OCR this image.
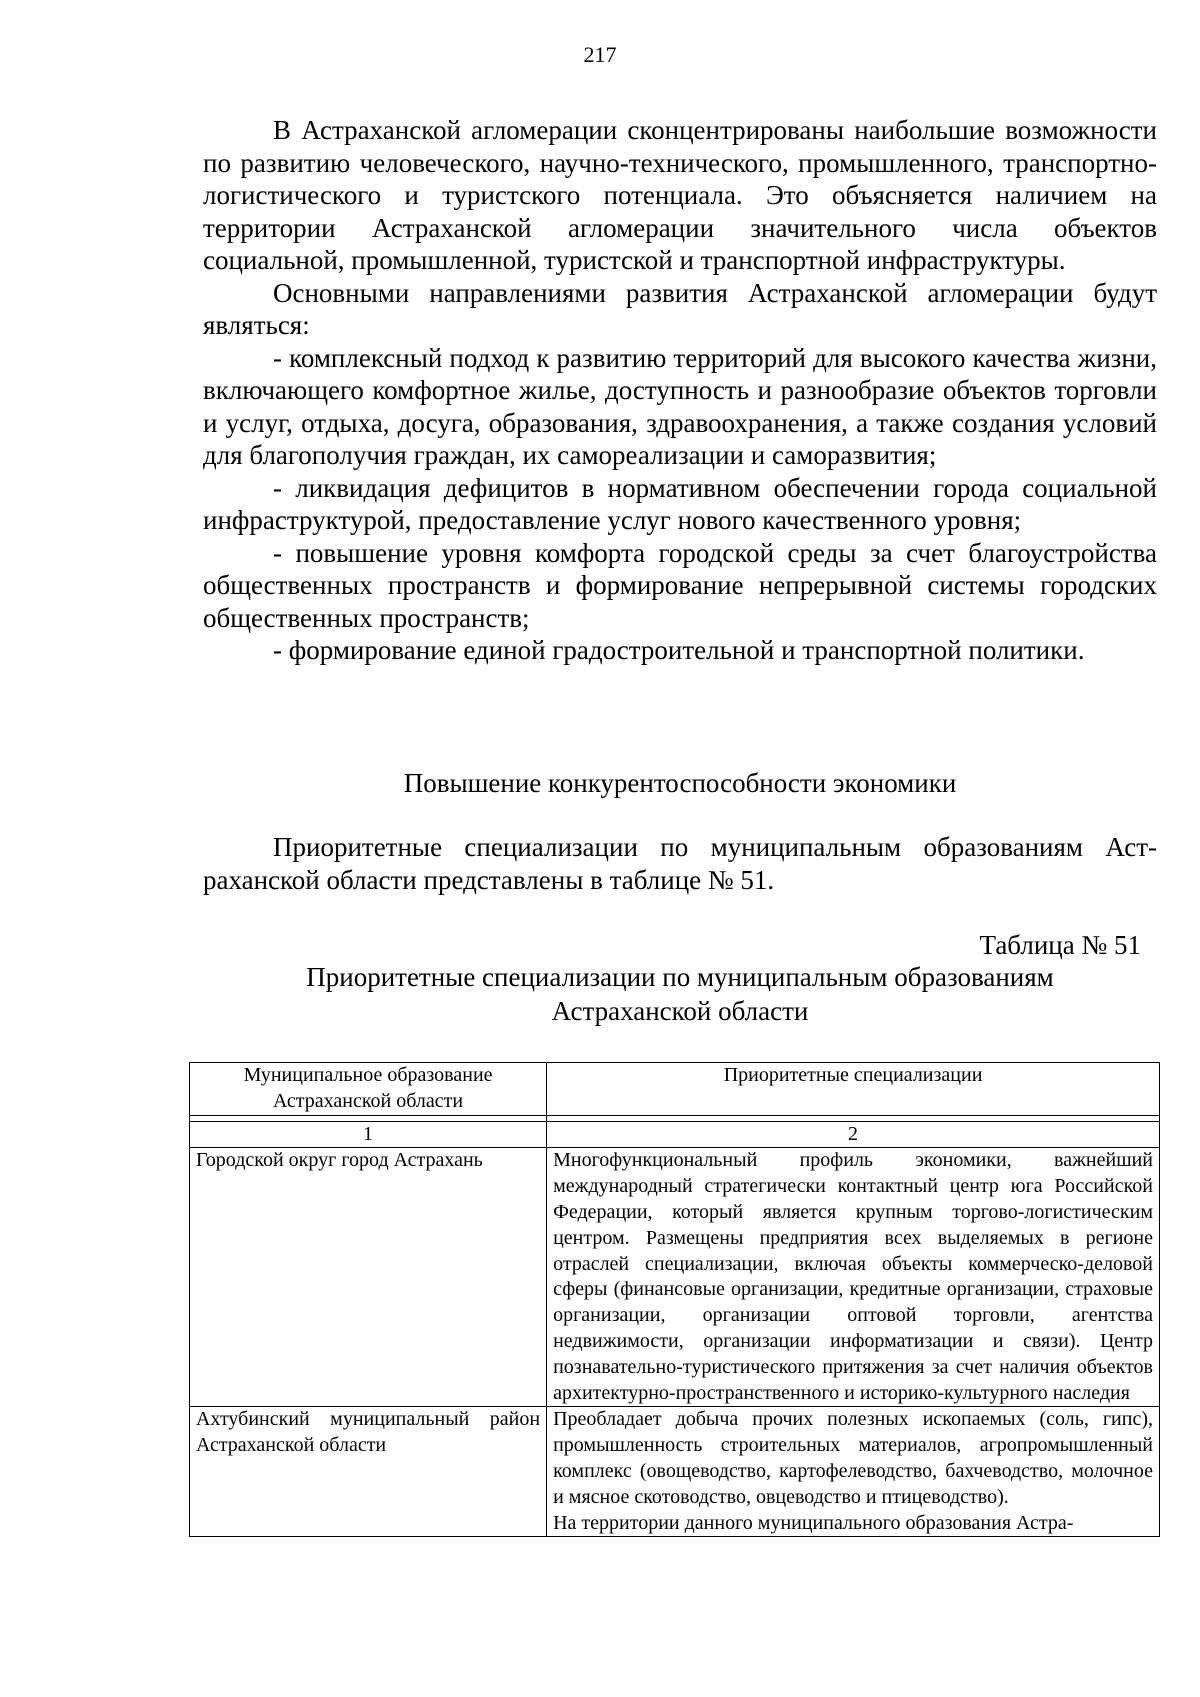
217

В Астраханской агломерации сконцентрированы наибольшие возможности по развитию человеческого, научно-технического, промышленного, транспортно-логистического и туристского потенциала. Это объясняется наличием на территории Астраханской агломерации значительного числа объектов социальной, промышленной, туристской и транспортной инфраструктуры.

Основными направлениями развития Астраханской агломерации будут являться:

- комплексный подход к развитию территорий для высокого качества жизни, включающего комфортное жилье, доступность и разнообразие объектов торговли и услуг, отдыха, досуга, образования, здравоохранения, а также создания условий для благополучия граждан, их самореализации и саморазвития;

- ликвидация дефицитов в нормативном обеспечении города социальной инфраструктурой, предоставление услуг нового качественного уровня;

- повышение уровня комфорта городской среды за счет благоустройства общественных пространств и формирование непрерывной системы городских общественных пространств;

- формирование единой градостроительной и транспортной политики.

Повышение конкурентоспособности экономики

Приоритетные специализации по муниципальным образованиям Астраханской области представлены в таблице № 51.

Таблица № 51
Приоритетные специализации по муниципальным образованиям
Астраханской области
Муниципальное образование Астраханской области	Приоритетные специализации

1	2
Городской округ город Астрахань	Многофункциональный профиль экономики, важнейший международный стратегически контактный центр юга Российской Федерации, который является крупным торгово-логистическим центром. Размещены предприятия всех выделяемых в регионе отраслей специализации, включая объекты коммерческо-деловой сферы (финансовые организации, кредитные организации, страховые организации, организации оптовой торговли, агентства недвижимости, организации информатизации и связи). Центр познавательно-туристического притяжения за счет наличия объектов архитектурно-пространственного и историко-культурного наследия
Ахтубинский муниципальный район Астраханской области	Преобладает добыча прочих полезных ископаемых (соль, гипс), промышленность строительных материалов, агропромышленный комплекс (овощеводство, картофелеводство, бахчеводство, молочное и мясное скотоводство, овцеводство и птицеводство).
На территории данного муниципального образования Астра-
